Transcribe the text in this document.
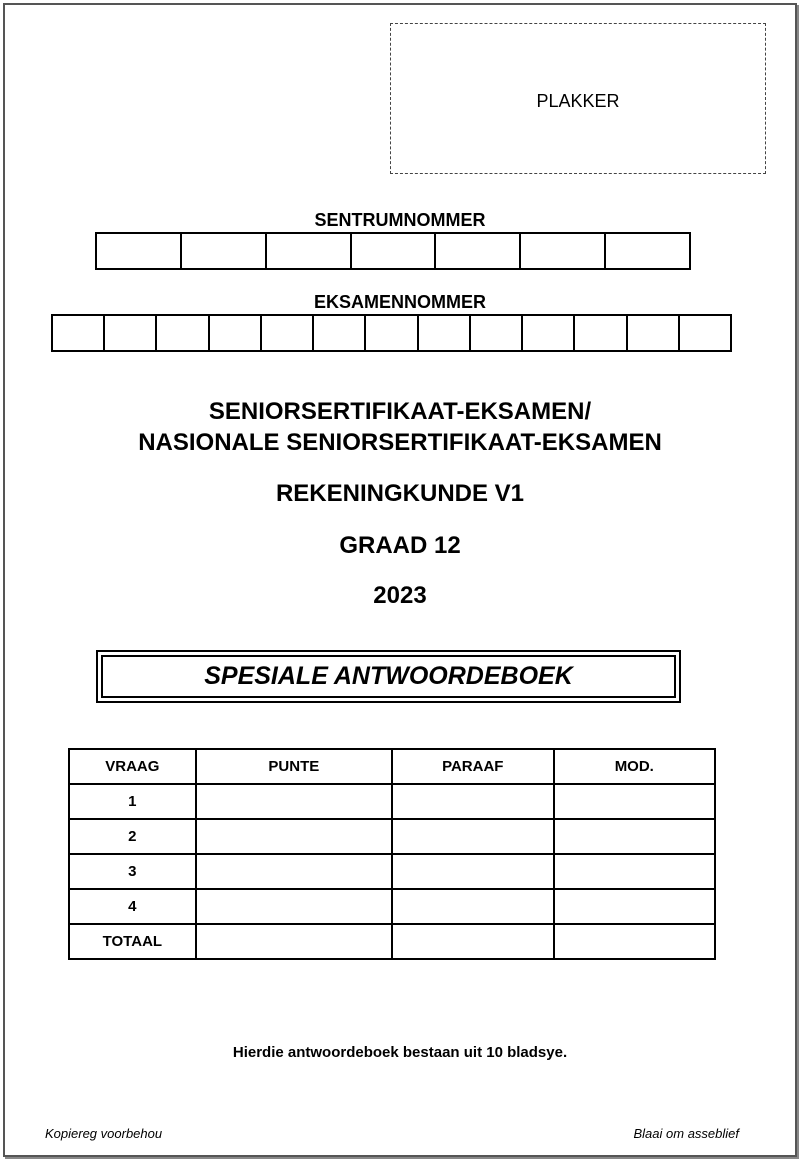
PLAKKER
SENTRUMNOMMER
EKSAMENNOMMER
SENIORSERTIFIKAAT-EKSAMEN/
NASIONALE SENIORSERTIFIKAAT-EKSAMEN
REKENINGKUNDE V1
GRAAD 12
2023
SPESIALE ANTWOORDEBOEK
VRAAG	PUNTE	PARAAF	MOD.
1			
2			
3			
4			
TOTAAL			
Hierdie antwoordeboek bestaan uit 10 bladsye.
Kopiereg voorbehou	Blaai om asseblief
